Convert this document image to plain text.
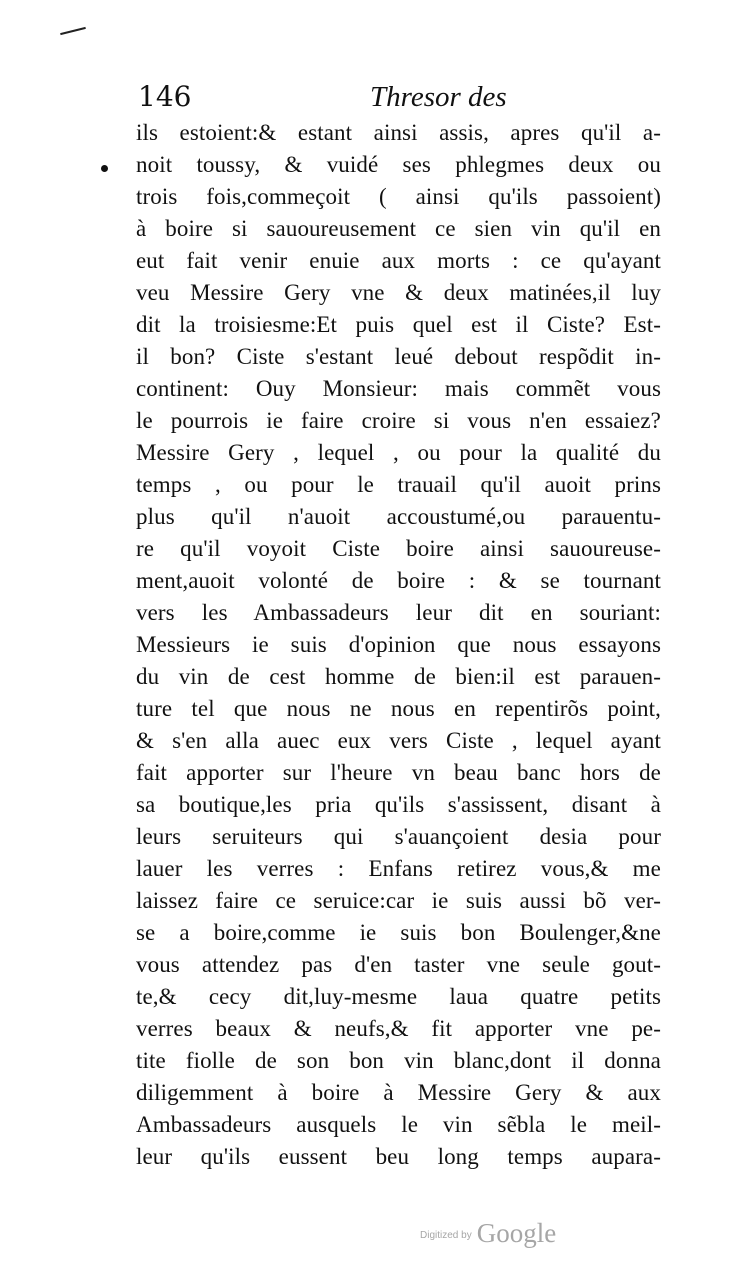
146	Thresor des
ils estoient:& estant ainsi assis, apres qu'il a-
noit toussy, & vuidé ses phlegmes deux ou
trois fois,commeçoit ( ainsi qu'ils passoient)
à boire si sauoureusement ce sien vin qu'il en
eut fait venir enuie aux morts : ce qu'ayant
veu Messire Gery vne & deux matinées,il luy
dit la troisiesme:Et puis quel est il Ciste? Est-
il bon? Ciste s'estant leué debout respõdit in-
continent: Ouy Monsieur: mais commẽt vous
le pourrois ie faire croire si vous n'en essaiez?
Messire Gery , lequel , ou pour la qualité du
temps , ou pour le trauail qu'il auoit prins
plus qu'il n'auoit accoustumé,ou parauentu-
re qu'il voyoit Ciste boire ainsi sauoureuse-
ment,auoit volonté de boire : & se tournant
vers les Ambassadeurs leur dit en souriant:
Messieurs ie suis d'opinion que nous essayons
du vin de cest homme de bien:il est parauen-
ture tel que nous ne nous en repentirõs point,
& s'en alla auec eux vers Ciste , lequel ayant
fait apporter sur l'heure vn beau banc hors de
sa boutique,les pria qu'ils s'assissent, disant à
leurs seruiteurs qui s'auançoient desia pour
lauer les verres : Enfans retirez vous,& me
laissez faire ce seruice:car ie suis aussi bõ ver-
se a boire,comme ie suis bon Boulenger,&ne
vous attendez pas d'en taster vne seule gout-
te,& cecy dit,luy-mesme laua quatre petits
verres beaux & neufs,& fit apporter vne pe-
tite fiolle de son bon vin blanc,dont il donna
diligemment à boire à Messire Gery & aux
Ambassadeurs ausquels le vin sẽbla le meil-
leur qu'ils eussent beu long temps aupara-
Digitized by Google
